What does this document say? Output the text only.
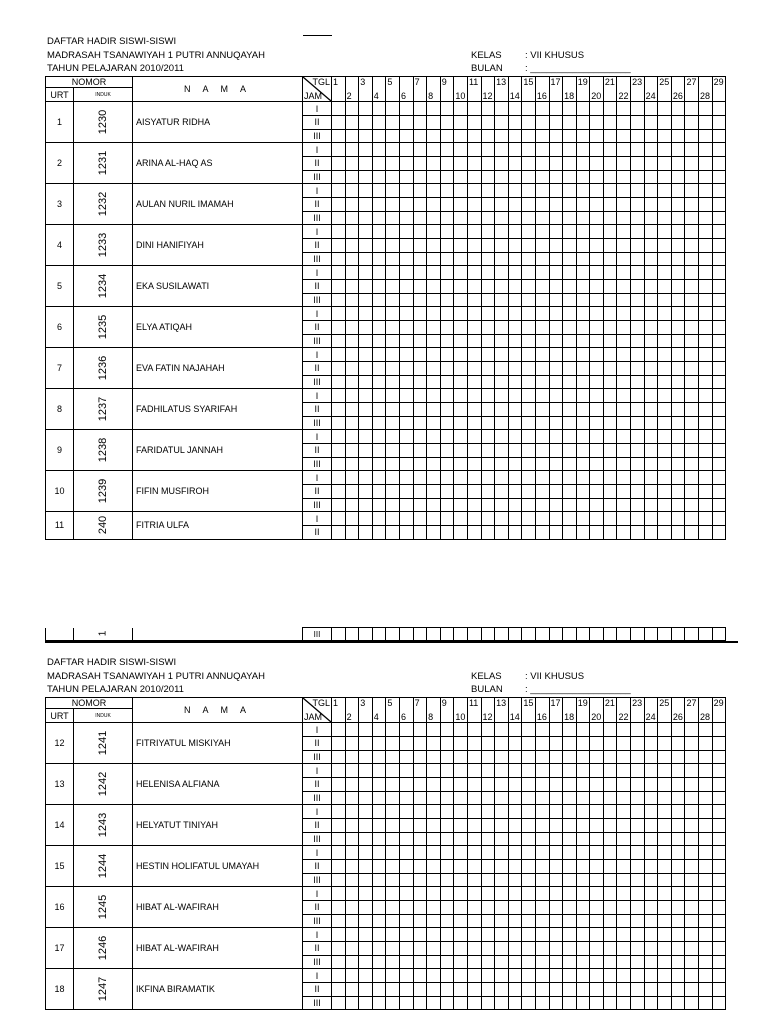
DAFTAR HADIR SISWI-SISWI
MADRASAH TSANAWIYAH 1 PUTRI ANNUQAYAH
TAHUN PELAJARAN 2010/2011
KELAS : VII KHUSUS
BULAN : ___________________
NOMOR		N A M A	TGL
JAM	1	2	3	4	5	6	7	8	9	10	11	12	13	14	15	16	17	18	19	20	21	22	23	24	25	26	27	28	29

URT	INDUK																															
1	1230	AISYATUR RIDHA	I																													
			II																													
			III																													
2	1231	ARINA AL-HAQ AS	I																													
			II																													
			III																													
3	1232	AULAN NURIL IMAMAH	I																													
			II																													
			III																													
4	1233	DINI HANIFIYAH	I																													
			II																													
			III																													
5	1234	EKA SUSILAWATI	I																													
			II																													
			III																													
6	1235	ELYA ATIQAH	I																													
			II																													
			III																													
7	1236	EVA FATIN NAJAHAH	I																													
			II																													
			III																													
8	1237	FADHILATUS SYARIFAH	I																													
			II																													
			III																													
9	1238	FARIDATUL JANNAH	I																													
			II																													
			III																													
10	1239	FIFIN MUSFIROH	I																													
			II																													
			III																													
11	240	FITRIA ULFA	I																													
			II																													
	1		III																													
DAFTAR HADIR SISWI-SISWI
MADRASAH TSANAWIYAH 1 PUTRI ANNUQAYAH
TAHUN PELAJARAN 2010/2011
KELAS : VII KHUSUS
BULAN : ___________________
NOMOR		N A M A	TGL
JAM	1	2	3	4	5	6	7	8	9	10	11	12	13	14	15	16	17	18	19	20	21	22	23	24	25	26	27	28	29

URT	INDUK																															
12	1241	FITRIYATUL MISKIYAH	I																													
			II																													
			III																													
13	1242	HELENISA ALFIANA	I																													
			II																													
			III																													
14	1243	HELYATUT TINIYAH	I																													
			II																													
			III																													
15	1244	HESTIN HOLIFATUL UMAYAH	I																													
			II																													
			III																													
16	1245	HIBAT AL-WAFIRAH	I																													
			II																													
			III																													
17	1246	HIBAT AL-WAFIRAH	I																													
			II																													
			III																													
18	1247	IKFINA BIRAMATIK	I																													
			II																													
			III																													
